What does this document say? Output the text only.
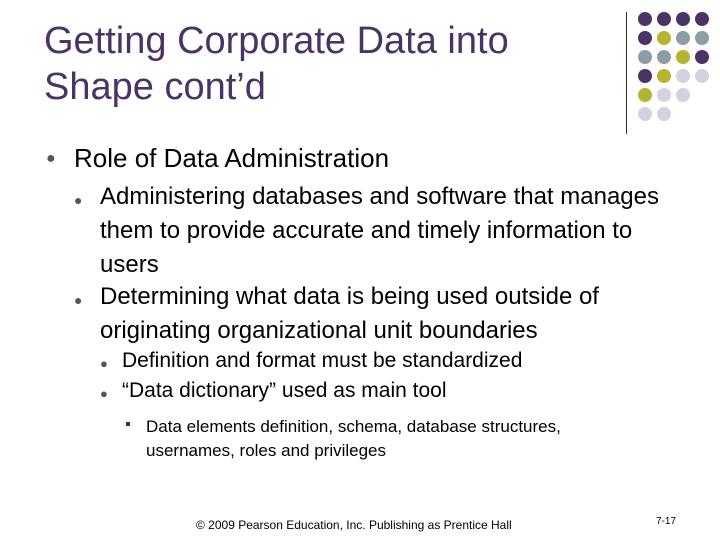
Getting Corporate Data into Shape cont’d
● Role of Data Administration
● Administering databases and software that manages them to provide accurate and timely information to users
● Determining what data is being used outside of originating organizational unit boundaries
● Definition and format must be standardized
● “Data dictionary” used as main tool
Data elements definition, schema, database structures, usernames, roles and privileges
© 2009 Pearson Education, Inc. Publishing as Prentice Hall	7-17
